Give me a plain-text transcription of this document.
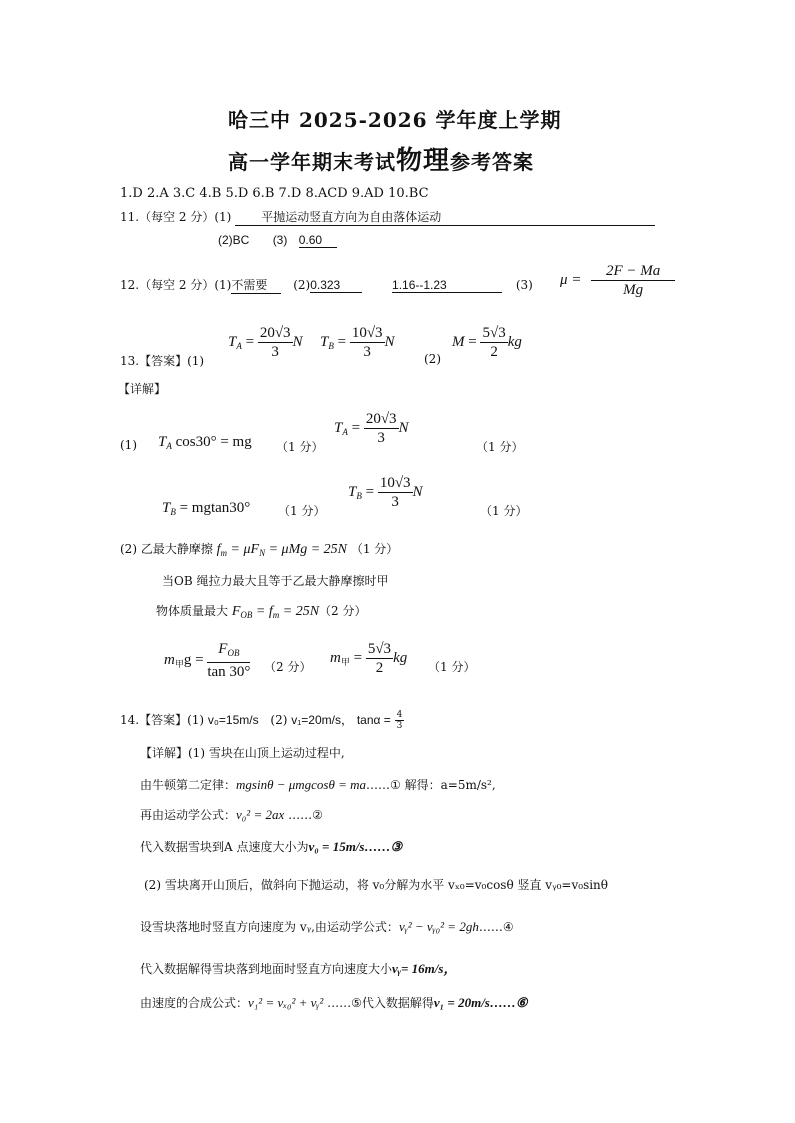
哈三中 2025-2026 学年度上学期
高一学年期末考试物理参考答案
1.D 2.A 3.C 4.B 5.D 6.B 7.D 8.ACD 9.AD 10.BC
11.（每空 2 分）(1) 平抛运动竖直方向为自由落体运动
(2)BC (3) 0.60
12.（每空 2 分）(1)不需要 (2)0.323	1.16--1.23	(3) $\mu = \frac{2F - Ma}{Mg}$
13.【答案】(1)
$T_A = \frac{20√3}{3}$ N $T_B = \frac{10√3}{3}$ N
(2)
$M = \frac{5√3}{2}$ kg
【详解】
(1) $T_A$ cos30° = mg （1 分）
$T_A = \frac{20√3}{3}$ N
（1 分）
$T_B = mgtan30^\circ$ （1 分）
$T_B = \frac{10√3}{3}$ N
（1 分）
(2) 乙最大静摩擦 $f_m = \mu F_N = \mu Mg = 25N$ （1 分）
当OB 绳拉力最大且等于乙最大静摩擦时甲
物体质量最大 $F_{OB} = f_m = 25N(2$ 分）
$m_甲g = \frac{F_{OB}}{\tan 30^\circ} (2$ 分）
$m_甲 = \frac{5√3}{2}$ kg
（1 分）
14.【答案】(1) v₀=15m/s (2) v₁=20m/s， $\tan\alpha = \frac{4}{3}$
【详解】(1) 雪块在山顶上运动过程中,
由牛顿第二定律：mgsinθ − μmgcosθ = ma……① 解得：a=5m/s²,
再由运动学公式：v₀² = 2ax ……②
代入数据雪块到A 点速度大小为v₀ = 15m/s……③
(2) 雪块离开山顶后，做斜向下抛运动，将 v₀分解为水平 vₓ₀=v₀cosθ 竖直 vᵧ₀=v₀sinθ
设雪块落地时竖直方向速度为 vᵧ,由运动学公式：vᵧ² − vᵧ₀² = 2gh……④
代入数据解得雪块落到地面时竖直方向速度大小vᵧ= 16m/s，
由速度的合成公式：v₁² = vₓ₀² + vᵧ² ……⑤代入数据解得v₁ = 20m/s……⑥
